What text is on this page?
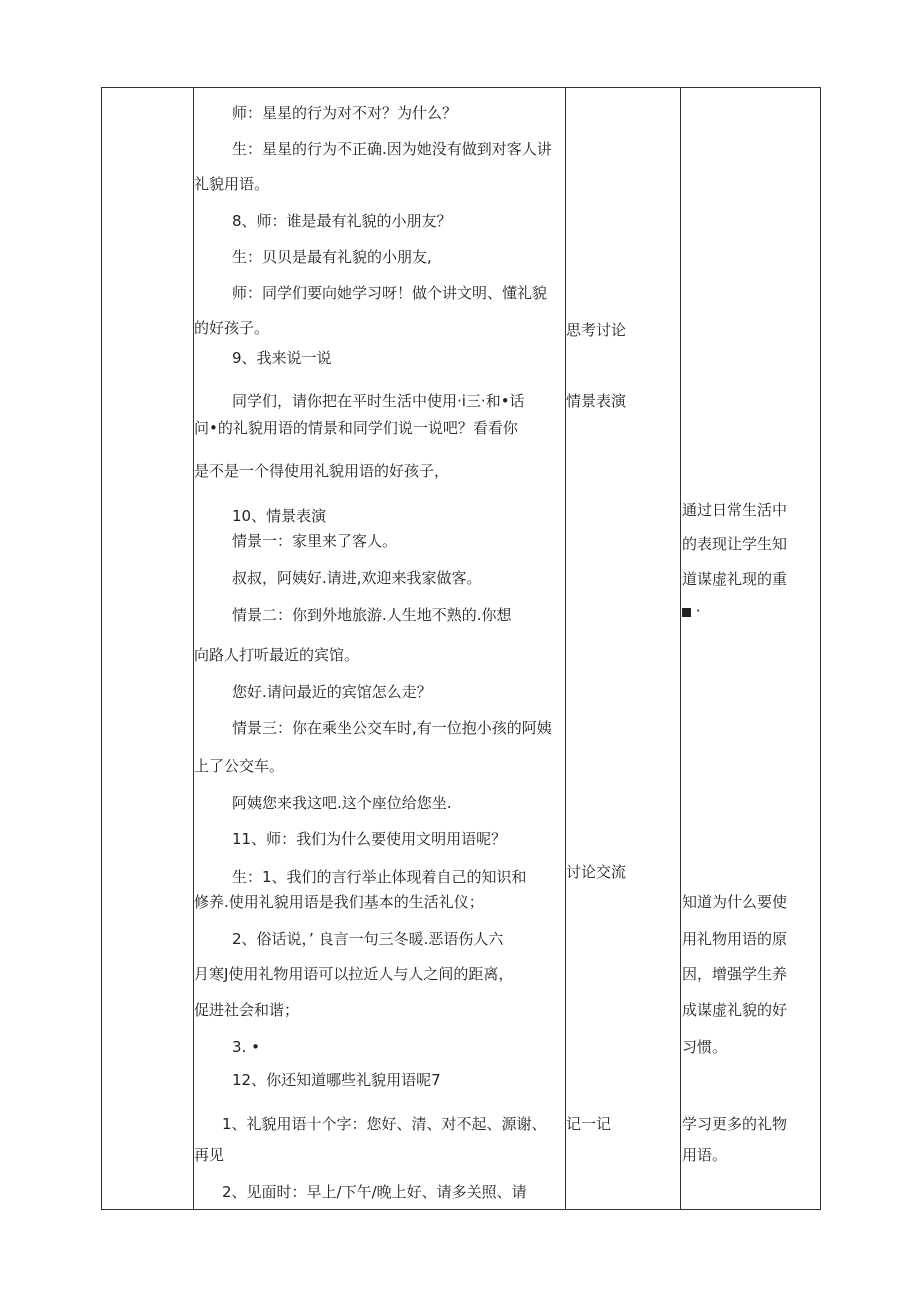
师：星星的行为对不对？为什么？
生：星星的行为不正确.因为她没有做到对客人讲
礼貌用语。
8、师：谁是最有礼貌的小朋友？
生：贝贝是最有礼貌的小朋友,
师：同学们要向她学习呀！做个讲文明、懂礼貌
的好孩子。
9、我来说一说
同学们，请你把在平时生活中使用·i三·和•话
问•的礼貌用语的情景和同学们说一说吧？看看你
是不是一个得使用礼貌用语的好孩子，
10、情景表演
情景一：家里来了客人。
叔叔，阿姨好.请进,欢迎来我家做客。
情景二：你到外地旅游.人生地不熟的.你想
向路人打听最近的宾馆。
您好.请问最近的宾馆怎么走？
情景三：你在乘坐公交车时,有一位抱小孩的阿姨
上了公交车。
阿姨您来我这吧.这个座位给您坐.
11、师：我们为什么要使用文明用语呢？
生：1、我们的言行举止体现着自己的知识和
修养.使用礼貌用语是我们基本的生活礼仪；
2、俗话说，’ 良言一句三冬暖.恶语伤人六
月寒J使用礼物用语可以拉近人与人之间的距离，
促进社会和谐；
3. •
12、你还知道哪些礼貌用语呢7
1、礼貌用语十个字：您好、清、对不起、源谢、
再见
2、见面时：早上/下午/晚上好、请多关照、请
思考讨论
情景表演
讨论交流
记一记
通过日常生活中
的表现让学生知
道谋虚礼现的重
·
知道为什么要使
用礼物用语的原
因，增强学生养
成谋虚礼貌的好
习惯。
学习更多的礼物
用语。
